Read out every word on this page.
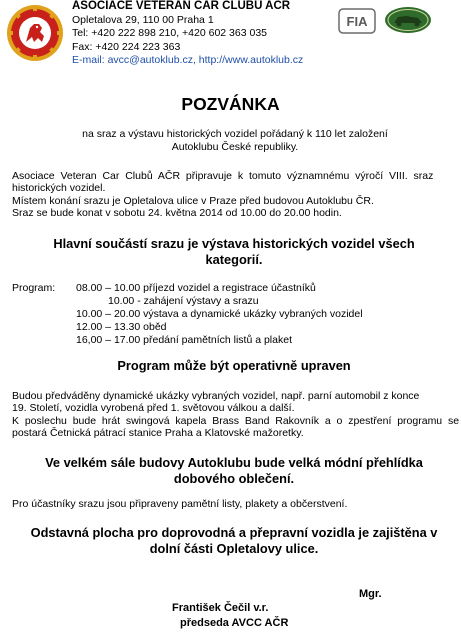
ASOCIACE VETERAN CAR CLUBŮ AČR
Opletalova 29, 110 00 Praha 1
Tel: +420 222 898 210, +420 602 363 035
Fax: +420 224 223 363
E-mail: avcc@autoklub.cz, http://www.autoklub.cz
FIA
POZVÁNKA
na sraz a výstavu historických vozidel pořádaný k 110 let založení
Autoklubu České republiky.
Asociace  Veteran  Car  Clubů  AČR  připravuje  k  tomuto  významnému  výročí  VIII.  sraz
historických vozidel.
Místem konání srazu je Opletalova ulice v Praze před budovou Autoklubu ČR.
Sraz se bude konat v sobotu 24. května 2014 od 10.00 do 20.00 hodin.
Hlavní součástí srazu je výstava historických vozidel všech
kategorií.
Program: 08.00 – 10.00 příjezd vozidel a registrace účastníků
10.00 - zahájení výstavy a srazu
10.00 – 20.00 výstava a dynamické ukázky vybraných vozidel
12.00 – 13.30 oběd
16,00 – 17.00 předání pamětních listů a plaket
Program může být operativně upraven
Budou předváděny dynamické ukázky vybraných vozidel, např. parní automobil z konce
19. Století, vozidla vyrobená před 1. světovou válkou a další.
K  poslechu  bude  hrát  swingová  kapela  Brass  Band  Rakovník  a  o  zpestření  programu  se
postará Četnická pátrací stanice Praha a Klatovské mažoretky.
Ve velkém sále budovy Autoklubu bude velká módní přehlídka
dobového oblečení.
Pro účastníky srazu jsou připraveny pamětní listy, plakety a občerstvení.
Odstavná plocha pro doprovodná a přepravní vozidla je zajištěna v
dolní části Opletalovy ulice.
Mgr.
František Čečil v.r.
předseda AVCC AČR
